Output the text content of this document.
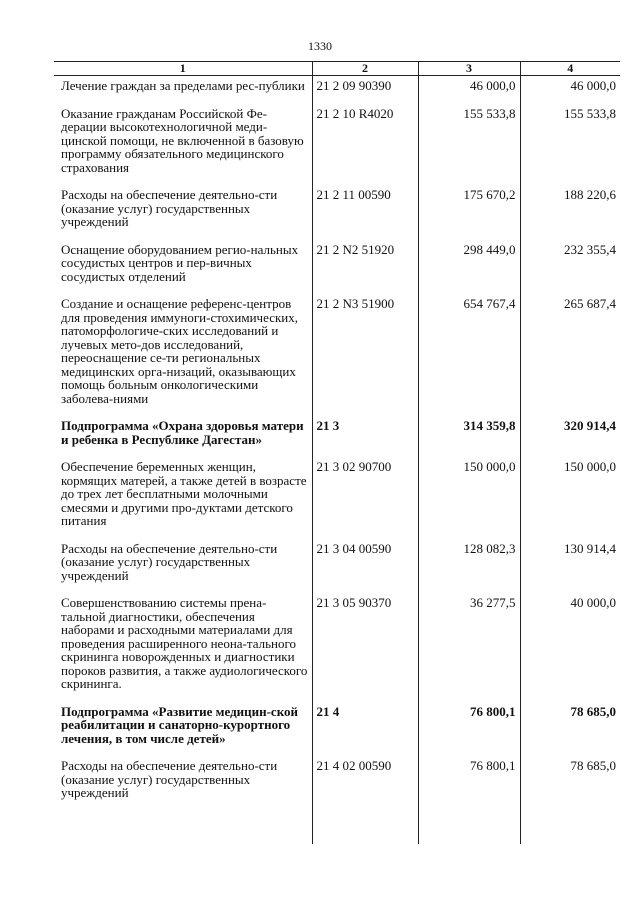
1330
1	2	3	4
Лечение граждан за пределами рес-публики	21 2 09 90390	46 000,0	46 000,0
Оказание гражданам Российской Фе-дерации высокотехнологичной меди-цинской помощи, не включенной в базовую программу обязательного медицинского страхования	21 2 10 R4020	155 533,8	155 533,8
Расходы на обеспечение деятельно-сти (оказание услуг) государственных учреждений	21 2 11 00590	175 670,2	188 220,6
Оснащение оборудованием регио-нальных сосудистых центров и пер-вичных сосудистых отделений	21 2 N2 51920	298 449,0	232 355,4
Создание и оснащение референс-центров для проведения иммуноги-стохимических, патоморфологиче-ских исследований и лучевых мето-дов исследований, переоснащение се-ти региональных медицинских орга-низаций, оказывающих помощь больным онкологическими заболева-ниями	21 2 N3 51900	654 767,4	265 687,4
Подпрограмма «Охрана здоровья матери и ребенка в Республике Дагестан»	21 3	314 359,8	320 914,4
Обеспечение беременных женщин, кормящих матерей, а также детей в возрасте до трех лет бесплатными молочными смесями и другими про-дуктами детского питания	21 3 02 90700	150 000,0	150 000,0
Расходы на обеспечение деятельно-сти (оказание услуг) государственных учреждений	21 3 04 00590	128 082,3	130 914,4
Совершенствованию системы прена-тальной диагностики, обеспечения наборами и расходными материалами для проведения расширенного неона-тального скрининга новорожденных и диагностики пороков развития, а также аудиологического скрининга.	21 3 05 90370	36 277,5	40 000,0
Подпрограмма «Развитие медицин-ской реабилитации и санаторно-курортного лечения, в том числе детей»	21 4	76 800,1	78 685,0
Расходы на обеспечение деятельно-сти (оказание услуг) государственных учреждений	21 4 02 00590	76 800,1	78 685,0
